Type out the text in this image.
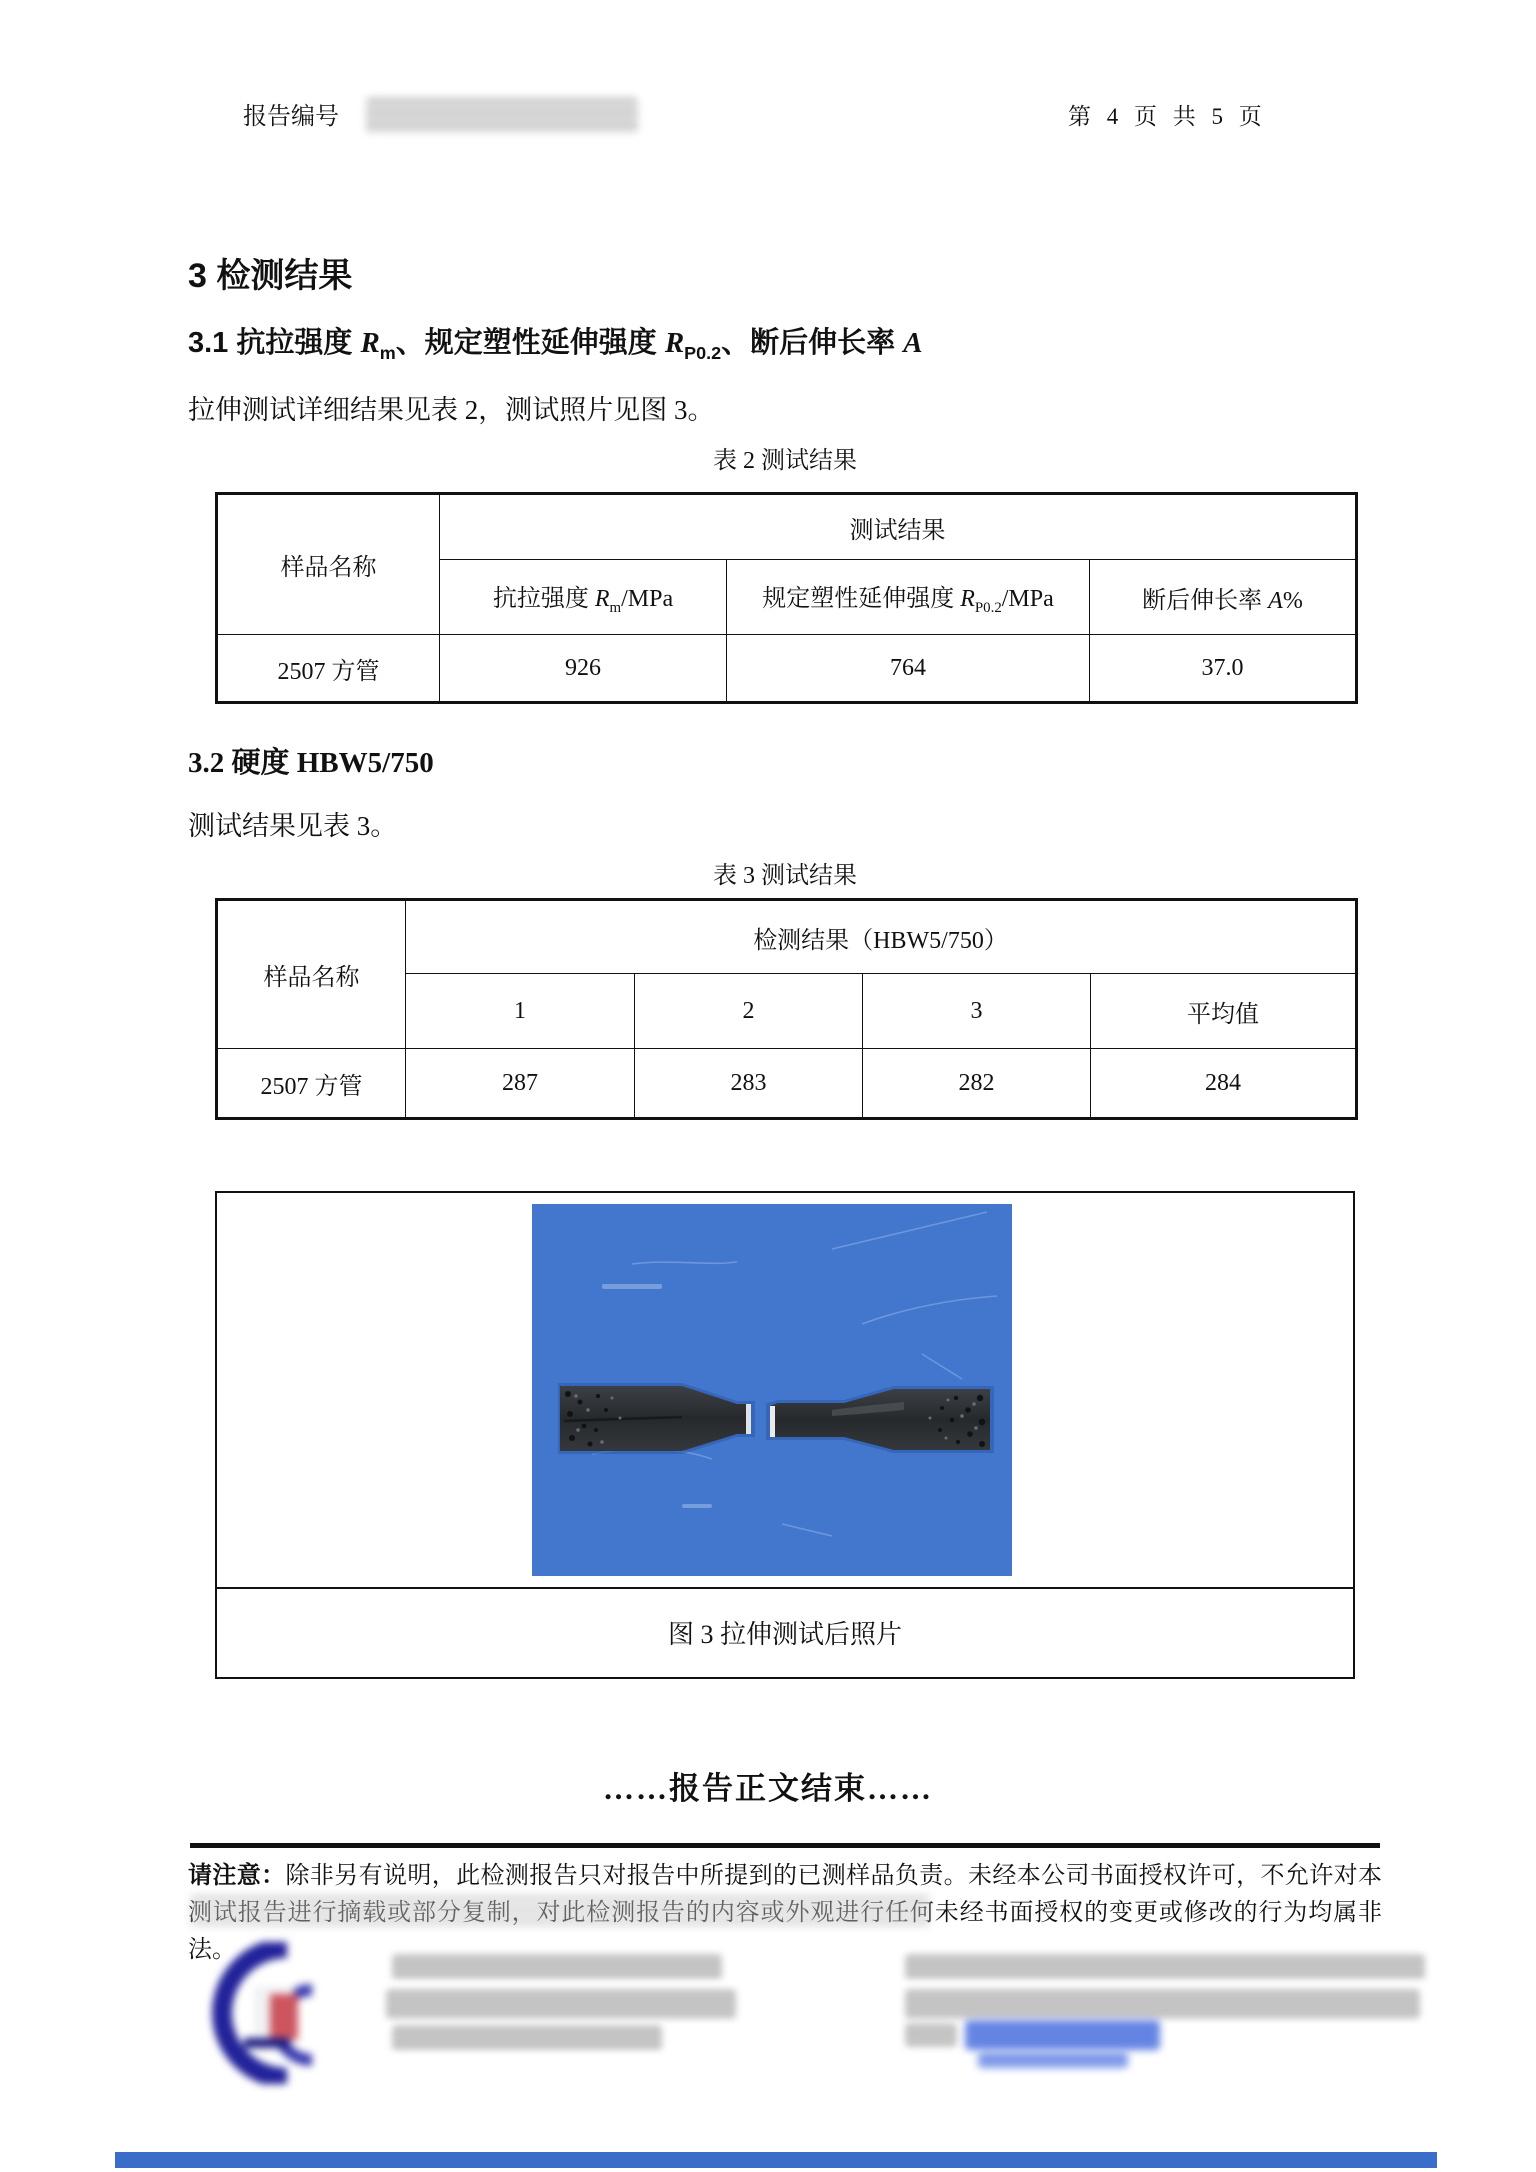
报告编号	第 4 页 共 5 页
3 检测结果
3.1 抗拉强度 $R_m$、规定塑性延伸强度 $R_{P0.2}$、断后伸长率 A
拉伸测试详细结果见表 2，测试照片见图 3。
表 2 测试结果
样品名称	测试结果		
	抗拉强度 $R_m$/MPa	规定塑性延伸强度 $R_{P0.2}$/MPa	断后伸长率 A%
2507 方管	926	764	37.0
3.2 硬度 HBW5/750
测试结果见表 3。
表 3 测试结果
样品名称	检测结果（HBW5/750）			
	1	2	3	平均值
2507 方管	287	283	282	284
图 3 拉伸测试后照片
……报告正文结束……
请注意：除非另有说明，此检测报告只对报告中所提到的已测样品负责。未经本公司书面授权许可，不允许对本测试报告进行摘载或部分复制，对此检测报告的内容或外观进行任何未经书面授权的变更或修改的行为均属非法。
